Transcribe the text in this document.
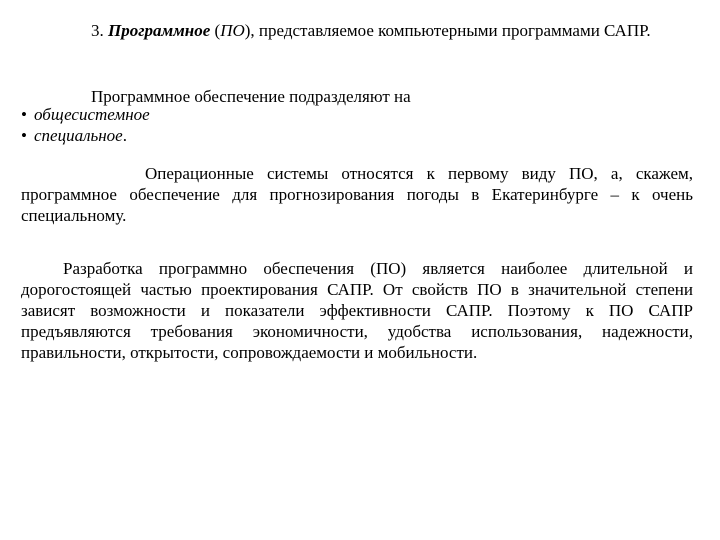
3. Программное (ПО), представляемое компьютерными программами САПР.

Программное обеспечение подразделяют на

• общесистемное
• специальное.

Операционные системы относятся к первому виду ПО, а, скажем, программное обеспечение для прогнозирования погоды в Екатеринбурге – к очень специальному.

Разработка программно обеспечения (ПО) является наиболее длительной и дорогостоящей частью проектирования САПР. От свойств ПО в значительной степени зависят возможности и показатели эффективности САПР. Поэтому к ПО САПР предъявляются требования экономичности, удобства использования, надежности, правильности, открытости, сопровождаемости и мобильности.
